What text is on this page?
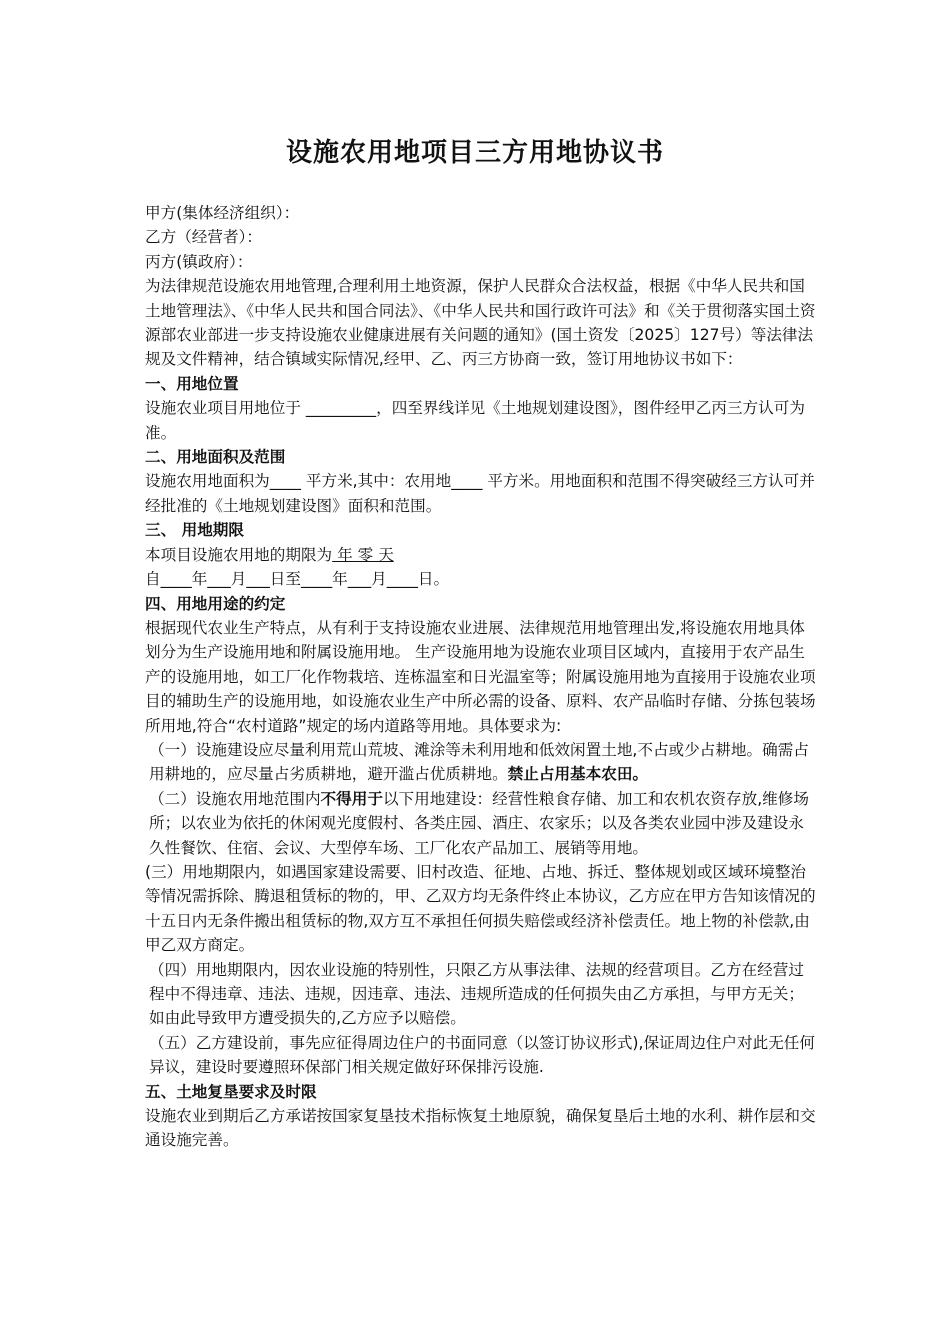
设施农用地项目三方用地协议书

甲方(集体经济组织）：

乙方（经营者）：

丙方(镇政府）：

为法律规范设施农用地管理,合理利用土地资源，保护人民群众合法权益，根据《中华人民共和国土地管理法》、《中华人民共和国合同法》、《中华人民共和国行政许可法》和《关于贯彻落实国土资源部农业部进一步支持设施农业健康进展有关问题的通知》(国土资发〔2025〕127号）等法律法规及文件精神，结合镇域实际情况,经甲、乙、丙三方协商一致，签订用地协议书如下：

一、用地位置

设施农业项目用地位于 _________，四至界线详见《土地规划建设图》，图件经甲乙丙三方认可为准。

二、用地面积及范围

设施农用地面积为____ 平方米,其中：农用地____ 平方米。用地面积和范围不得突破经三方认可并经批准的《土地规划建设图》面积和范围。

三、 用地期限

本项目设施农用地的期限为 年 零 天

自____年___月___日至____年___月____日。

四、用地用途的约定

根据现代农业生产特点，从有利于支持设施农业进展、法律规范用地管理出发,将设施农用地具体划分为生产设施用地和附属设施用地。 生产设施用地为设施农业项目区域内，直接用于农产品生产的设施用地，如工厂化作物栽培、连栋温室和日光温室等；附属设施用地为直接用于设施农业项目的辅助生产的设施用地，如设施农业生产中所必需的设备、原料、农产品临时存储、分拣包装场所用地,符合“农村道路”规定的场内道路等用地。具体要求为:

（一）设施建设应尽量利用荒山荒坡、滩涂等未利用地和低效闲置土地,不占或少占耕地。确需占用耕地的，应尽量占劣质耕地，避开滥占优质耕地。禁止占用基本农田。

（二）设施农用地范围内不得用于以下用地建设：经营性粮食存储、加工和农机农资存放,维修场所；以农业为依托的休闲观光度假村、各类庄园、酒庄、农家乐；以及各类农业园中涉及建设永久性餐饮、住宿、会议、大型停车场、工厂化农产品加工、展销等用地。

(三）用地期限内，如遇国家建设需要、旧村改造、征地、占地、拆迁、整体规划或区域环境整治等情况需拆除、腾退租赁标的物的，甲、乙双方均无条件终止本协议，乙方应在甲方告知该情况的十五日内无条件搬出租赁标的物,双方互不承担任何损失赔偿或经济补偿责任。地上物的补偿款,由甲乙双方商定。

（四）用地期限内，因农业设施的特别性，只限乙方从事法律、法规的经营项目。乙方在经营过程中不得违章、违法、违规，因违章、违法、违规所造成的任何损失由乙方承担，与甲方无关；如由此导致甲方遭受损失的,乙方应予以赔偿。

（五）乙方建设前，事先应征得周边住户的书面同意（以签订协议形式),保证周边住户对此无任何异议，建设时要遵照环保部门相关规定做好环保排污设施.

五、土地复垦要求及时限

设施农业到期后乙方承诺按国家复垦技术指标恢复土地原貌，确保复垦后土地的水利、耕作层和交通设施完善。
